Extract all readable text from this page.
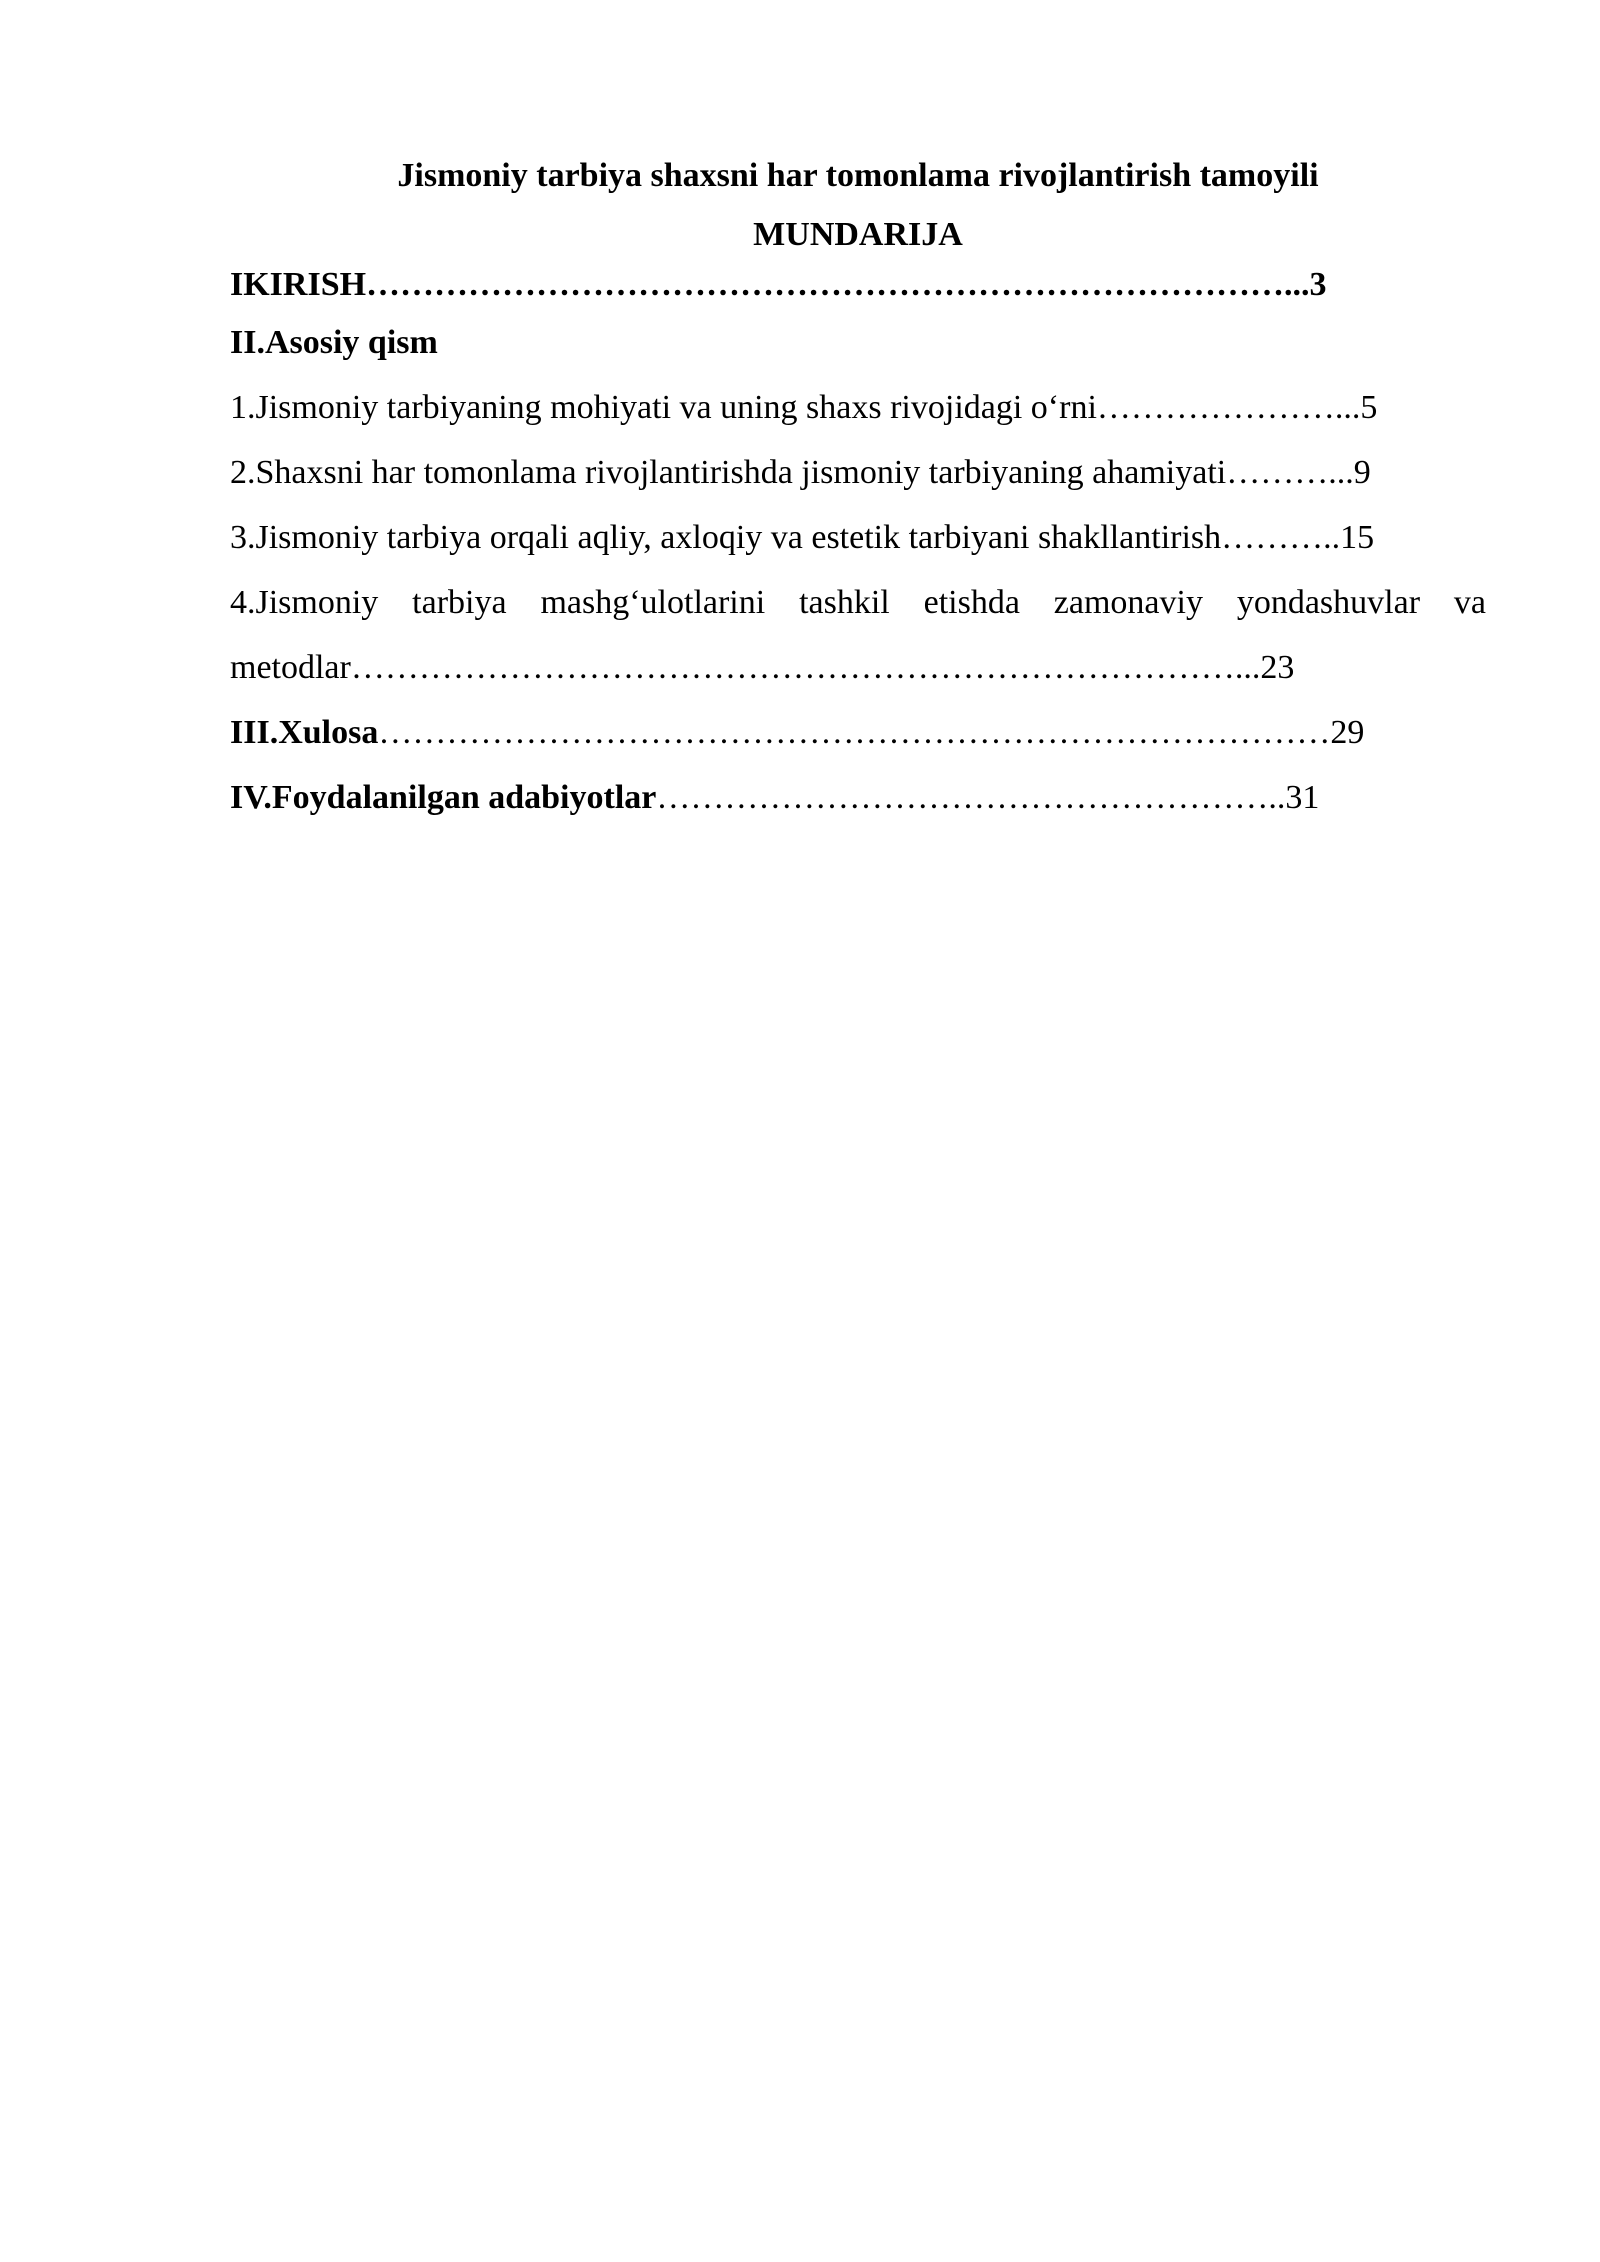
Jismoniy tarbiya shaxsni har tomonlama rivojlantirish tamoyili
MUNDARIJA
IKIRISH………………………………………………………………………...3
II.Asosiy qism
1.Jismoniy tarbiyaning mohiyati va uning shaxs rivojidagi o‘rni…………………...5
2.Shaxsni har tomonlama rivojlantirishda jismoniy tarbiyaning ahamiyati………...9
3.Jismoniy tarbiya orqali aqliy, axloqiy va estetik tarbiyani shakllantirish………..15
4.Jismoniy tarbiya mashg‘ulotlarini tashkil etishda zamonaviy yondashuvlar va
metodlar……………………………………………………………………...23
III.Xulosa…………………………………………………………………………29
IV.Foydalanilgan adabiyotlar………………………………………………..31
